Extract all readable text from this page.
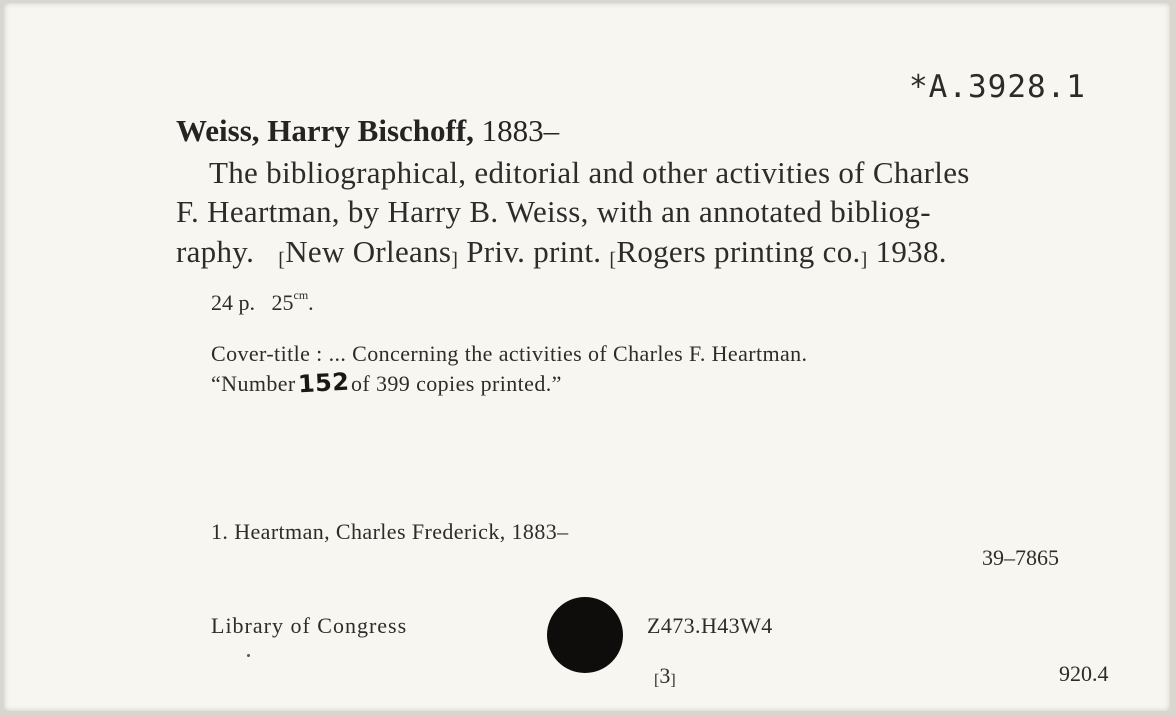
*A.3928.1
Weiss, Harry Bischoff, 1883–
The bibliographical, editorial and other activities of Charles
F. Heartman, by Harry B. Weiss, with an annotated bibliog-
raphy. [New Orleans] Priv. print. [Rogers printing co.] 1938.
24 p. $25^{cm}$.
Cover-title : ... Concerning the activities of Charles F. Heartman.
“Number152of 399 copies printed.”
1. Heartman, Charles Frederick, 1883–
39–7865
Library of Congress	Z473.H43W4
[3]	920.4
